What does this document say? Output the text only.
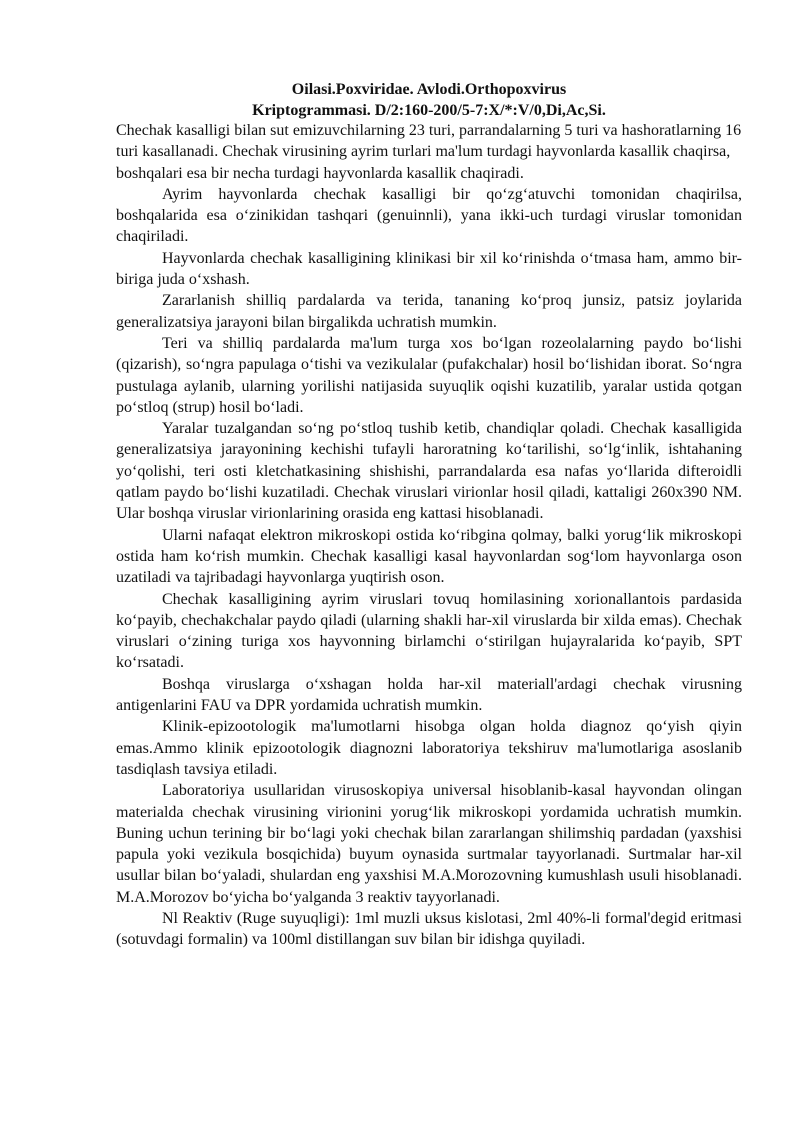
Oilasi.Poxviridae. Avlodi.Orthopoxvirus
Kriptogrammasi. D/2:160-200/5-7:X/*:V/0,Di,Ac,Si.

Chechak kasalligi bilan sut emizuvchilarning 23 turi, parrandalarning 5 turi va hashoratlarning 16 turi kasallanadi. Chechak virusining ayrim turlari ma'lum turdagi hayvonlarda kasallik chaqirsa, boshqalari esa bir necha turdagi hayvonlarda kasallik chaqiradi.

Ayrim hayvonlarda chechak kasalligi bir qo‘zg‘atuvchi tomonidan chaqirilsa, boshqalarida esa o‘zinikidan tashqari (genuinnli), yana ikki-uch turdagi viruslar tomonidan chaqiriladi.

Hayvonlarda chechak kasalligining klinikasi bir xil ko‘rinishda o‘tmasa ham, ammo bir-biriga juda o‘xshash.

Zararlanish shilliq pardalarda va terida, tananing ko‘proq junsiz, patsiz joylarida generalizatsiya jarayoni bilan birgalikda uchratish mumkin.

Teri va shilliq pardalarda ma'lum turga xos bo‘lgan rozeolalarning paydo bo‘lishi (qizarish), so‘ngra papulaga o‘tishi va vezikulalar (pufakchalar) hosil bo‘lishidan iborat. So‘ngra pustulaga aylanib, ularning yorilishi natijasida suyuqlik oqishi kuzatilib, yaralar ustida qotgan po‘stloq (strup) hosil bo‘ladi.

Yaralar tuzalgandan so‘ng po‘stloq tushib ketib, chandiqlar qoladi. Chechak kasalligida generalizatsiya jarayonining kechishi tufayli haroratning ko‘tarilishi, so‘lg‘inlik, ishtahaning yo‘qolishi, teri osti kletchatkasining shishishi, parrandalarda esa nafas yo‘llarida difteroidli qatlam paydo bo‘lishi kuzatiladi. Chechak viruslari virionlar hosil qiladi, kattaligi 260x390 NM. Ular boshqa viruslar virionlarining orasida eng kattasi hisoblanadi.

Ularni nafaqat elektron mikroskopi ostida ko‘ribgina qolmay, balki yorug‘lik mikroskopi ostida ham ko‘rish mumkin. Chechak kasalligi kasal hayvonlardan sog‘lom hayvonlarga oson uzatiladi va tajribadagi hayvonlarga yuqtirish oson.

Chechak kasalligining ayrim viruslari tovuq homilasining xorionallantois pardasida ko‘payib, chechakchalar paydo qiladi (ularning shakli har-xil viruslarda bir xilda emas). Chechak viruslari o‘zining turiga xos hayvonning birlamchi o‘stirilgan hujayralarida ko‘payib, SPT ko‘rsatadi.

Boshqa viruslarga o‘xshagan holda har-xil materiall'ardagi chechak virusning antigenlarini FAU va DPR yordamida uchratish mumkin.

Klinik-epizootologik ma'lumotlarni hisobga olgan holda diagnoz qo‘yish qiyin emas.Ammo klinik epizootologik diagnozni laboratoriya tekshiruv ma'lumotlariga asoslanib tasdiqlash tavsiya etiladi.

Laboratoriya usullaridan virusoskopiya universal hisoblanib-kasal hayvondan olingan materialda chechak virusining virionini yorug‘lik mikroskopi yordamida uchratish mumkin. Buning uchun terining bir bo‘lagi yoki chechak bilan zararlangan shilimshiq pardadan (yaxshisi papula yoki vezikula bosqichida) buyum oynasida surtmalar tayyorlanadi. Surtmalar har-xil usullar bilan bo‘yaladi, shulardan eng yaxshisi M.A.Morozovning kumushlash usuli hisoblanadi. M.A.Morozov bo‘yicha bo‘yalganda 3 reaktiv tayyorlanadi.

Nl Reaktiv (Ruge suyuqligi): 1ml muzli uksus kislotasi, 2ml 40%-li formal'degid eritmasi (sotuvdagi formalin) va 100ml distillangan suv bilan bir idishga quyiladi.
